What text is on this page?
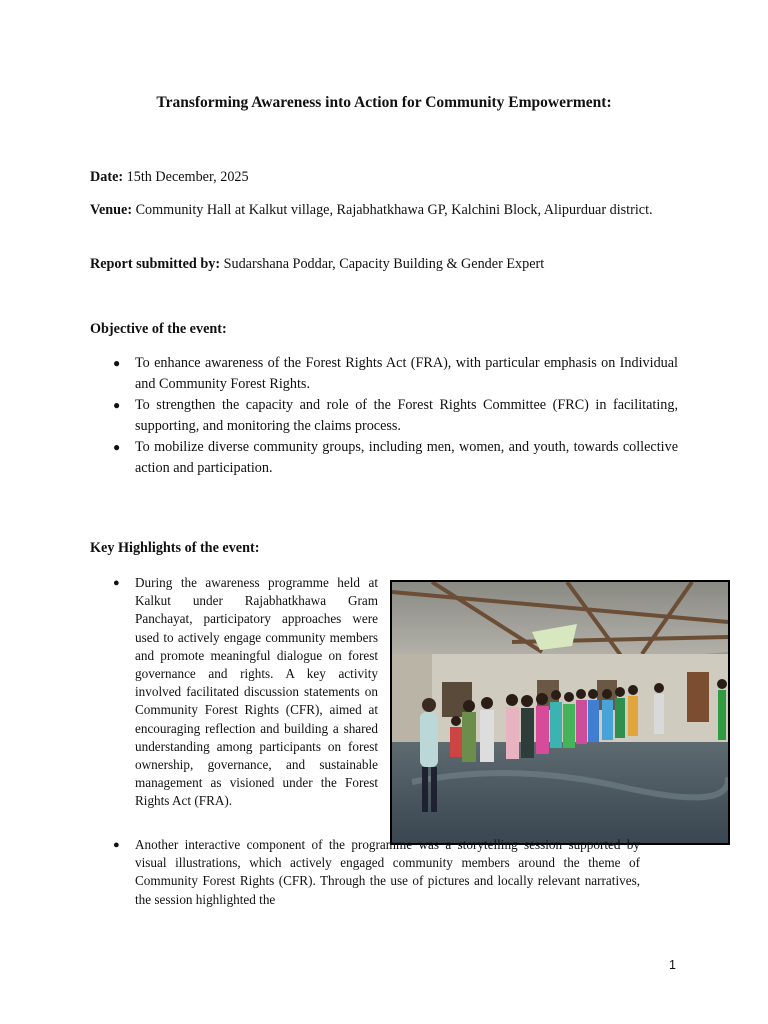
Transforming Awareness into Action for Community Empowerment:
Date: 15th December, 2025
Venue: Community Hall at Kalkut village, Rajabhatkhawa GP, Kalchini Block, Alipurduar district.
Report submitted by: Sudarshana Poddar, Capacity Building & Gender Expert
Objective of the event:
● To enhance awareness of the Forest Rights Act (FRA), with particular emphasis on Individual and Community Forest Rights.
● To strengthen the capacity and role of the Forest Rights Committee (FRC) in facilitating, supporting, and monitoring the claims process.
● To mobilize diverse community groups, including men, women, and youth, towards collective action and participation.
Key Highlights of the event:
●	During the awareness programme held at Kalkut under Rajabhatkhawa Gram Panchayat, participatory approaches were used to actively engage community members and promote meaningful dialogue on forest governance and rights. A key activity involved facilitated discussion statements on Community Forest Rights (CFR), aimed at encouraging reflection and building a shared understanding among participants on forest ownership, governance, and sustainable management as visioned under the Forest Rights Act (FRA).
●	Another interactive component of the programme was a storytelling session supported by visual illustrations, which actively engaged community members around the theme of Community Forest Rights (CFR). Through the use of pictures and locally relevant narratives, the session highlighted the
1
